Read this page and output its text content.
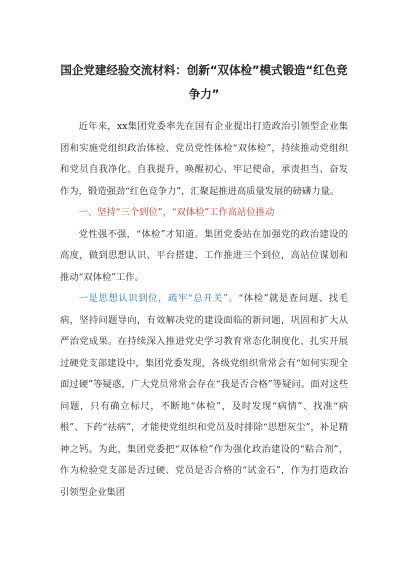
国企党建经验交流材料：创新“双体检”模式锻造“红色竞争力”

近年来，xx集团党委率先在国有企业提出打造政治引领型企业集团和实施党组织政治体检、党员党性体检“双体检”，持续推动党组织和党员自我净化、自我提升，唤醒初心、牢记使命，承责担当、奋发作为，锻造强劲“红色竞争力”，汇聚起推进高质量发展的磅礴力量。

一、坚持“三个到位”，“双体检”工作高站位推动

党性强不强，“体检”才知道。集团党委站在加强党的政治建设的高度，做到思想认识、平台搭建、工作推进三个到位，高站位谋划和推动“双体检”工作。

一是思想认识到位，疏牢“总开关”。“体检”就是查问题、找毛病，坚持问题导向，有效解决党的建设面临的新问题，巩固和扩大从严治党成果。在持续深入推进党史学习教育常态化制度化、扎实开展过硬党支部建设中，集团党委发现，各级党组织常常会有“如何实现全面过硬”等疑惑，广大党员常常会存在“我是否合格”等疑问。面对这些问题，只有确立标尺，不断地“体检”，及时发现“病情”、找准“病根”、下药“祛病”，才能使党组织和党员及时排除“思想灰尘”，补足精神之钙。为此，集团党委把“双体检”作为强化政治建设的“粘合剂”，作为检验党支部是否过硬、党员是否合格的“试金石”，作为打造政治引领型企业集团
